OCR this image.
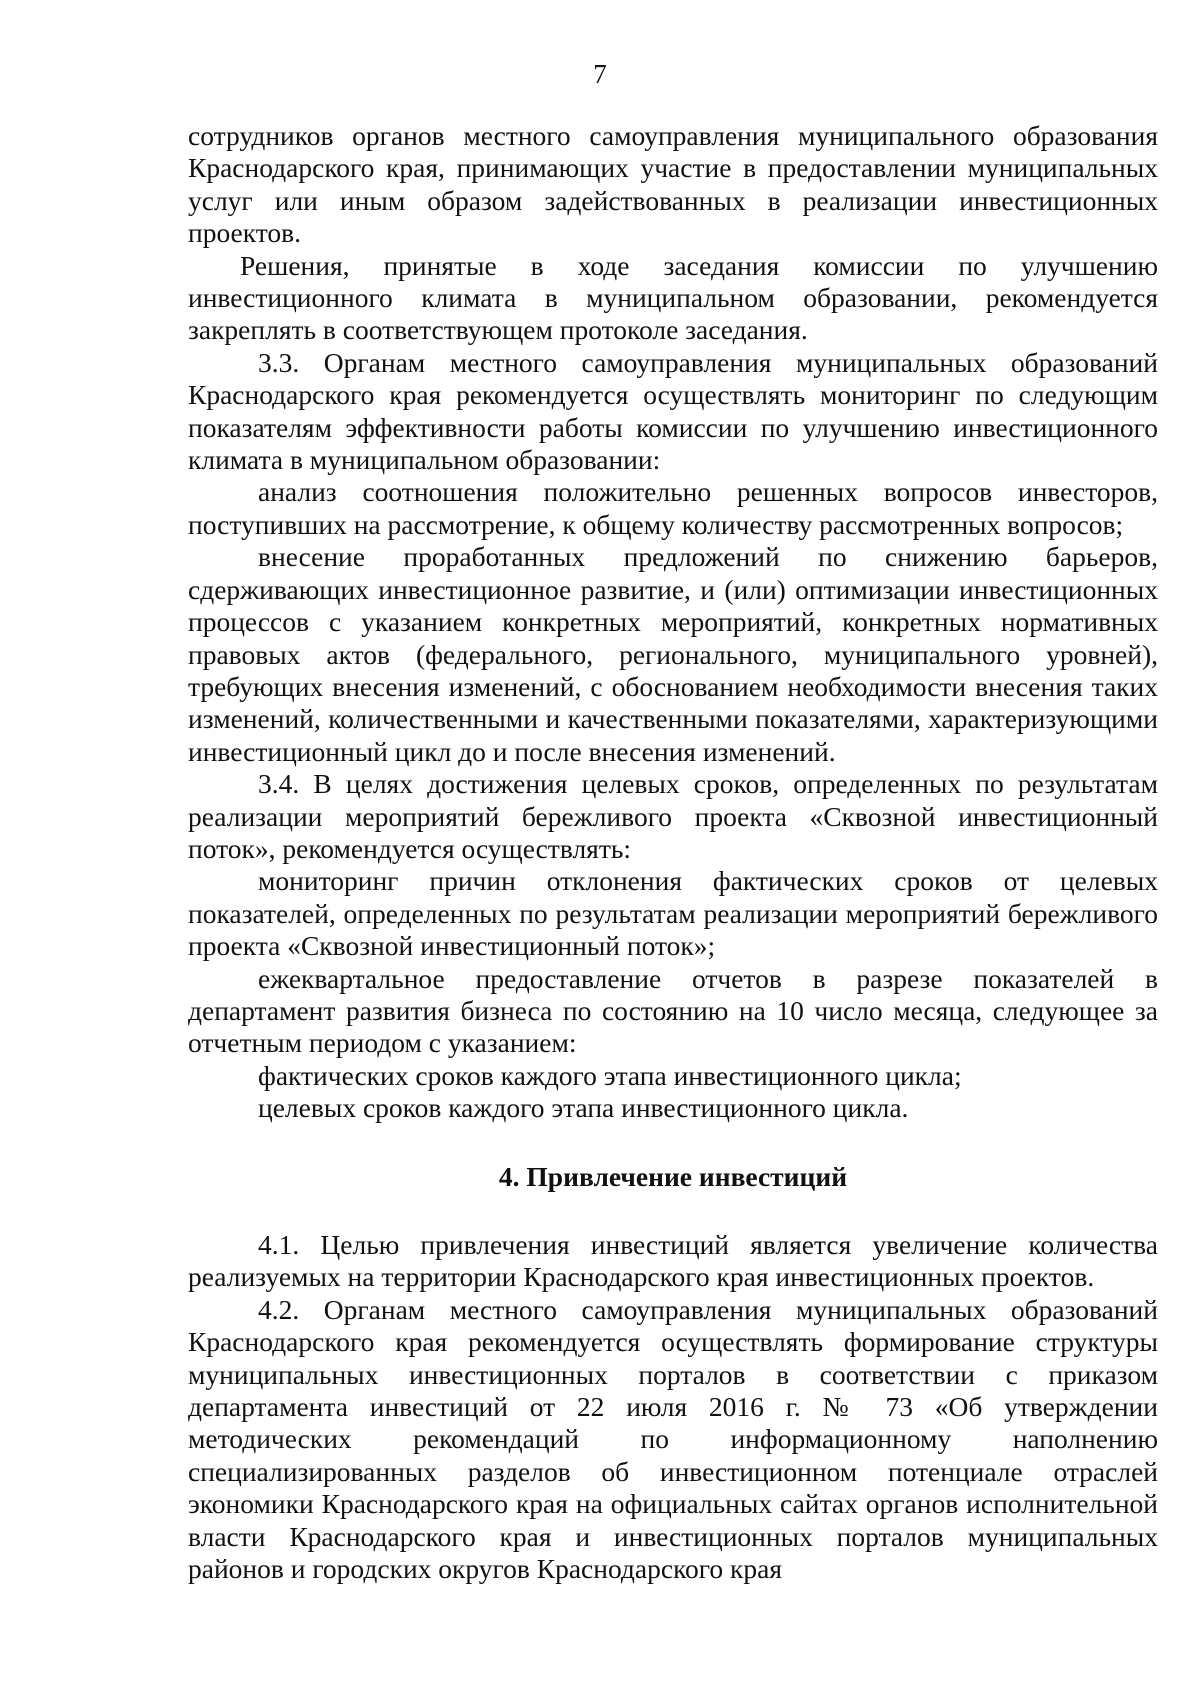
7

сотрудников органов местного самоуправления муниципального образования Краснодарского края, принимающих участие в предоставлении муниципальных услуг или иным образом задействованных в реализации инвестиционных проектов.

Решения, принятые в ходе заседания комиссии по улучшению инвестиционного климата в муниципальном образовании, рекомендуется закреплять в соответствующем протоколе заседания.

3.3. Органам местного самоуправления муниципальных образований Краснодарского края рекомендуется осуществлять мониторинг по следующим показателям эффективности работы комиссии по улучшению инвестиционного климата в муниципальном образовании:

анализ соотношения положительно решенных вопросов инвесторов, поступивших на рассмотрение, к общему количеству рассмотренных вопросов;

внесение проработанных предложений по снижению барьеров, сдерживающих инвестиционное развитие, и (или) оптимизации инвестиционных процессов с указанием конкретных мероприятий, конкретных нормативных правовых актов (федерального, регионального, муниципального уровней), требующих внесения изменений, с обоснованием необходимости внесения таких изменений, количественными и качественными показателями, характеризующими инвестиционный цикл до и после внесения изменений.

3.4. В целях достижения целевых сроков, определенных по результатам реализации мероприятий бережливого проекта «Сквозной инвестиционный поток», рекомендуется осуществлять:

мониторинг причин отклонения фактических сроков от целевых показателей, определенных по результатам реализации мероприятий бережливого проекта «Сквозной инвестиционный поток»;

ежеквартальное предоставление отчетов в разрезе показателей в департамент развития бизнеса по состоянию на 10 число месяца, следующее за отчетным периодом с указанием:

фактических сроков каждого этапа инвестиционного цикла;

целевых сроков каждого этапа инвестиционного цикла.

4. Привлечение инвестиций

4.1. Целью привлечения инвестиций является увеличение количества реализуемых на территории Краснодарского края инвестиционных проектов.

4.2. Органам местного самоуправления муниципальных образований Краснодарского края рекомендуется осуществлять формирование структуры муниципальных инвестиционных порталов в соответствии с приказом департамента инвестиций от 22 июля 2016 г. № 73 «Об утверждении методических рекомендаций по информационному наполнению специализированных разделов об инвестиционном потенциале отраслей экономики Краснодарского края на официальных сайтах органов исполнительной власти Краснодарского края и инвестиционных порталов муниципальных районов и городских округов Краснодарского края
